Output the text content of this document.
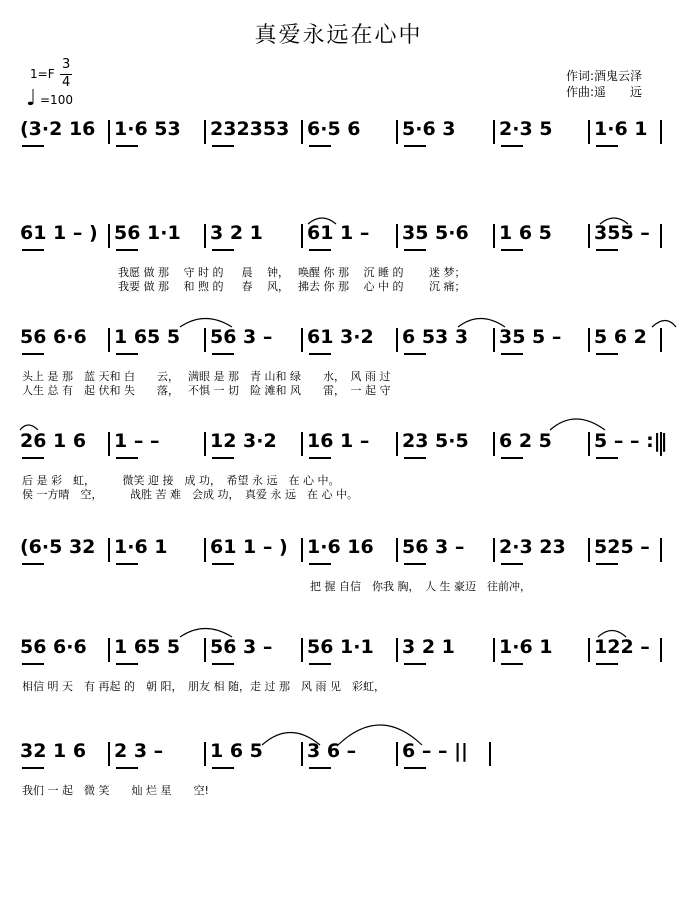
真爱永远在心中
1=F
3
4
♩ =100
作词:酒鬼云泽
作曲:遥　　远
(3·2 16 1·6 53 232353 6·5 6 5·6 3 2·3 5 1·6 1
61 1 – ) 56 1·1 3 2 1 61 1 – 35 5·6 1 6 5 355 –
我愿 做 那 　守 时 的 　 晨 　钟，　 唤醒 你 那 　沉 睡 的　 　迷 梦；
我要 做 那 　和 煦 的 　 春 　风，　 拂去 你 那 　心 中 的　 　沉 痛；
56 6·6 1 65 5 56 3 – 61 3·2 6 53 3 35 5 – 5 6 2
头上 是 那　蓝 天和 白　　云，　 满眼 是 那　青 山和 绿　　水，　风 雨 过
人生 总 有　起 伏和 失　　落，　 不惧 一 切　险 滩和 风　　雷，　一 起 守
26 1 6 1 – –	12 3·2 16 1 – 23 5·5 6 2 5 5 – – :||
后 是 彩　虹，　　　微笑 迎 接　成 功，　希望 永 远　在 心 中。
侯 一方晴　空，　　　战胜 苦 难　会成 功，　真爱 永 远　在 心 中。
(6·5 32 1·6 1 61 1 – ) 1·6 16 56 3 – 2·3 23 525 –
把 握 自信　你我 胸，　人 生 豪迈　往前冲，
56 6·6 1 65 5 56 3 – 56 1·1 3 2 1 1·6 1 122 –
相信 明 天　有 再起 的　朝 阳，　朋友 相 随，走 过 那　风 雨 见　彩虹，
32 1 6 2 3 – 1 6 5 3 6 – 6 – – ||
我们 一 起　微 笑　　灿 烂 星　　空!
